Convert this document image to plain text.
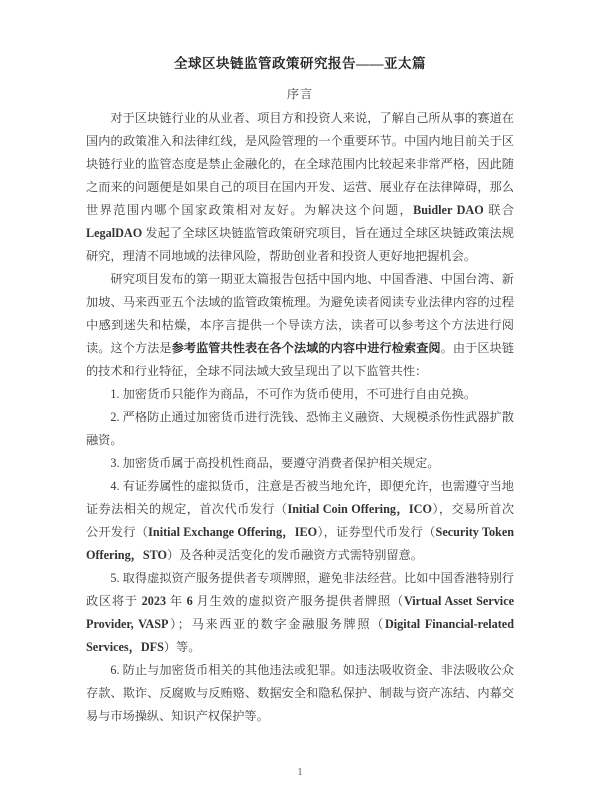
全球区块链监管政策研究报告——亚太篇
序言

对于区块链行业的从业者、项目方和投资人来说，了解自己所从事的赛道在国内的政策准入和法律红线，是风险管理的一个重要环节。中国内地目前关于区块链行业的监管态度是禁止金融化的，在全球范围内比较起来非常严格，因此随之而来的问题便是如果自己的项目在国内开发、运营、展业存在法律障碍，那么世界范围内哪个国家政策相对友好。为解决这个问题，Buidler DAO 联合 LegalDAO 发起了全球区块链监管政策研究项目，旨在通过全球区块链政策法规研究，理清不同地域的法律风险，帮助创业者和投资人更好地把握机会。

研究项目发布的第一期亚太篇报告包括中国内地、中国香港、中国台湾、新加坡、马来西亚五个法域的监管政策梳理。为避免读者阅读专业法律内容的过程中感到迷失和枯燥，本序言提供一个导读方法，读者可以参考这个方法进行阅读。这个方法是参考监管共性表在各个法域的内容中进行检索查阅。由于区块链的技术和行业特征，全球不同法域大致呈现出了以下监管共性：

1. 加密货币只能作为商品，不可作为货币使用，不可进行自由兑换。

2. 严格防止通过加密货币进行洗钱、恐怖主义融资、大规模杀伤性武器扩散融资。

3. 加密货币属于高投机性商品，要遵守消费者保护相关规定。

4. 有证券属性的虚拟货币，注意是否被当地允许，即便允许，也需遵守当地证券法相关的规定，首次代币发行（Initial Coin Offering，ICO），交易所首次公开发行（Initial Exchange Offering，IEO），证券型代币发行（Security Token Offering，STO）及各种灵活变化的发币融资方式需特别留意。

5. 取得虚拟资产服务提供者专项牌照，避免非法经营。比如中国香港特别行政区将于 2023 年 6 月生效的虚拟资产服务提供者牌照（Virtual Asset Service Provider, VASP）；马来西亚的数字金融服务牌照（Digital Financial-related Services，DFS）等。

6. 防止与加密货币相关的其他违法或犯罪。如违法吸收资金、非法吸收公众存款、欺诈、反腐败与反贿赂、数据安全和隐私保护、制裁与资产冻结、内幕交易与市场操纵、知识产权保护等。

1
